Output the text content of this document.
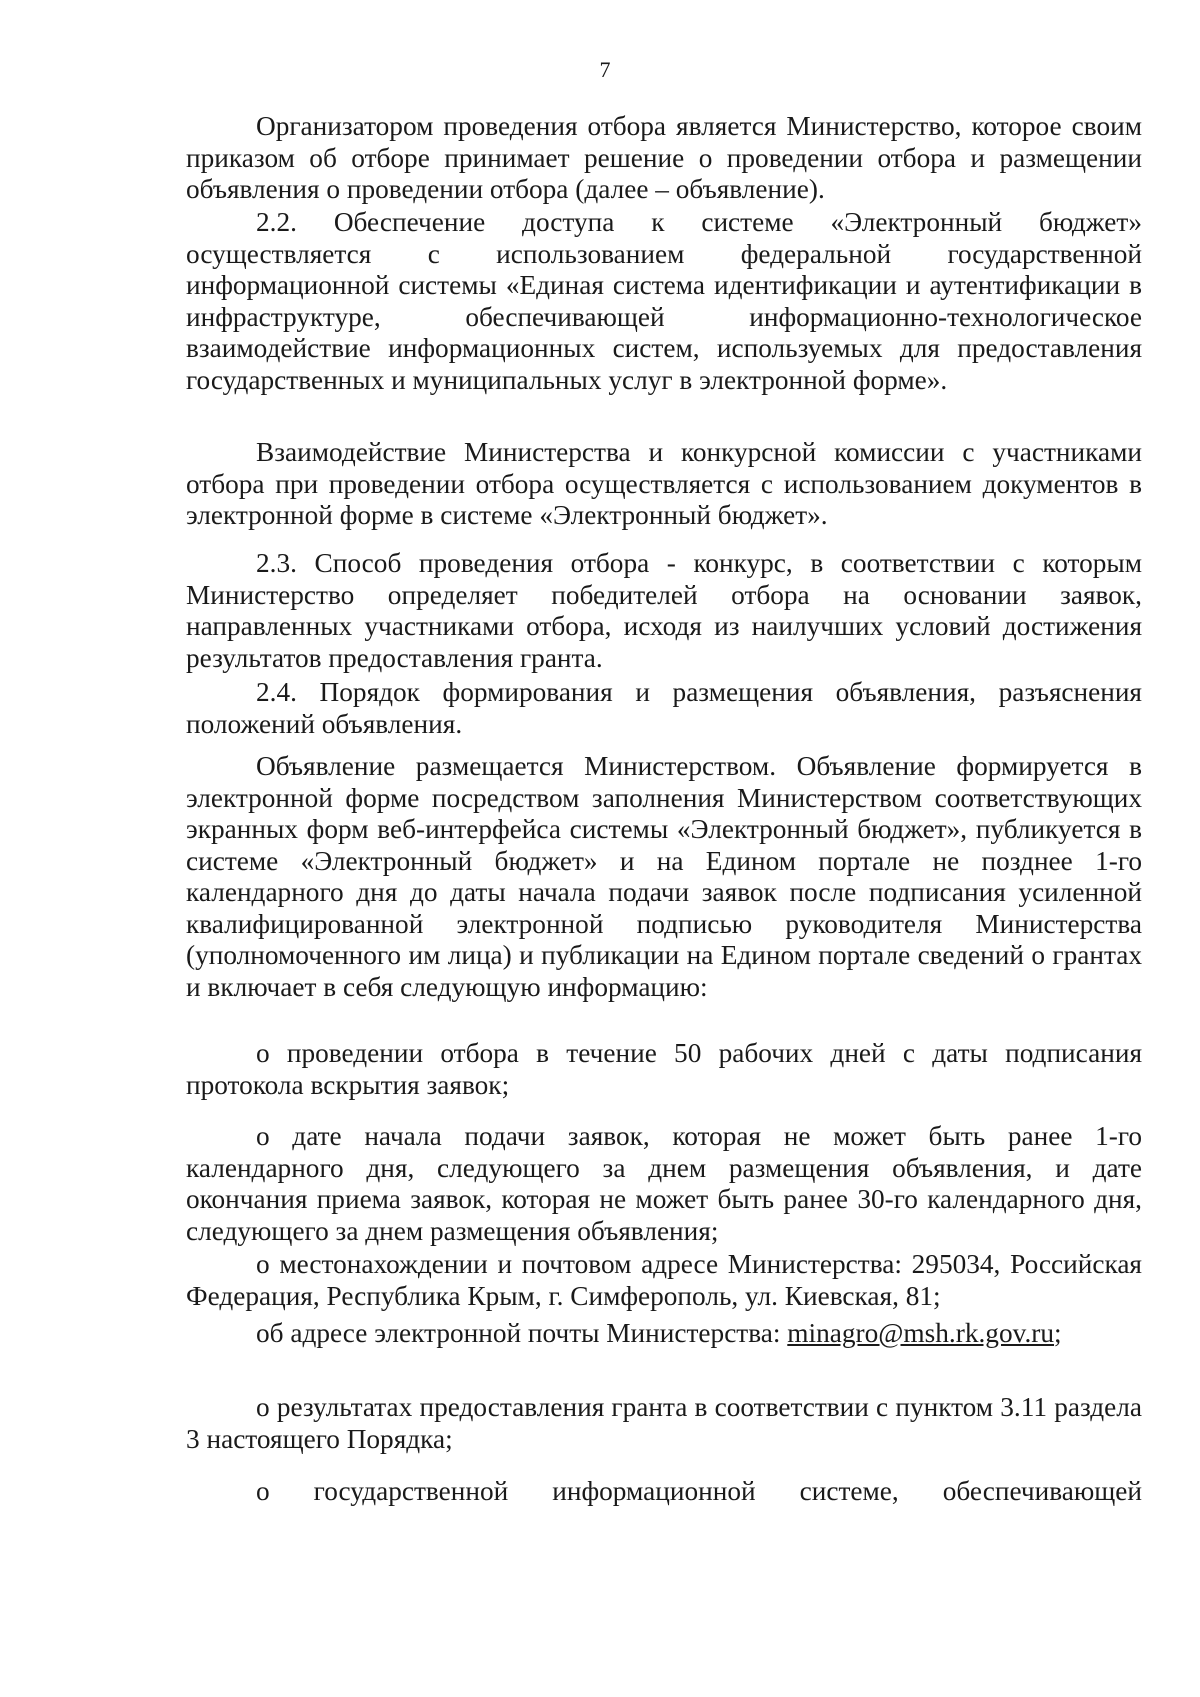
7

Организатором проведения отбора является Министерство, которое своим приказом об отборе принимает решение о проведении отбора и размещении объявления о проведении отбора (далее – объявление).

2.2. Обеспечение доступа к системе «Электронный бюджет» осуществляется с использованием федеральной государственной информационной системы «Единая система идентификации и аутентификации в инфраструктуре, обеспечивающей информационно-технологическое взаимодействие информационных систем, используемых для предоставления государственных и муниципальных услуг в электронной форме».

Взаимодействие Министерства и конкурсной комиссии с участниками отбора при проведении отбора осуществляется с использованием документов в электронной форме в системе «Электронный бюджет».

2.3. Способ проведения отбора - конкурс, в соответствии с которым Министерство определяет победителей отбора на основании заявок, направленных участниками отбора, исходя из наилучших условий достижения результатов предоставления гранта.

2.4. Порядок формирования и размещения объявления, разъяснения положений объявления.

Объявление размещается Министерством. Объявление формируется в электронной форме посредством заполнения Министерством соответствующих экранных форм веб-интерфейса системы «Электронный бюджет», публикуется в системе «Электронный бюджет» и на Едином портале не позднее 1-го календарного дня до даты начала подачи заявок после подписания усиленной квалифицированной электронной подписью руководителя Министерства (уполномоченного им лица) и публикации на Едином портале сведений о грантах и включает в себя следующую информацию:

о проведении отбора в течение 50 рабочих дней с даты подписания протокола вскрытия заявок;

о дате начала подачи заявок, которая не может быть ранее 1-го календарного дня, следующего за днем размещения объявления, и дате окончания приема заявок, которая не может быть ранее 30-го календарного дня, следующего за днем размещения объявления;

о местонахождении и почтовом адресе Министерства: 295034, Российская Федерация, Республика Крым, г. Симферополь, ул. Киевская, 81;

об адресе электронной почты Министерства: minagro@msh.rk.gov.ru;

о результатах предоставления гранта в соответствии с пунктом 3.11 раздела 3 настоящего Порядка;

о государственной информационной системе, обеспечивающей
